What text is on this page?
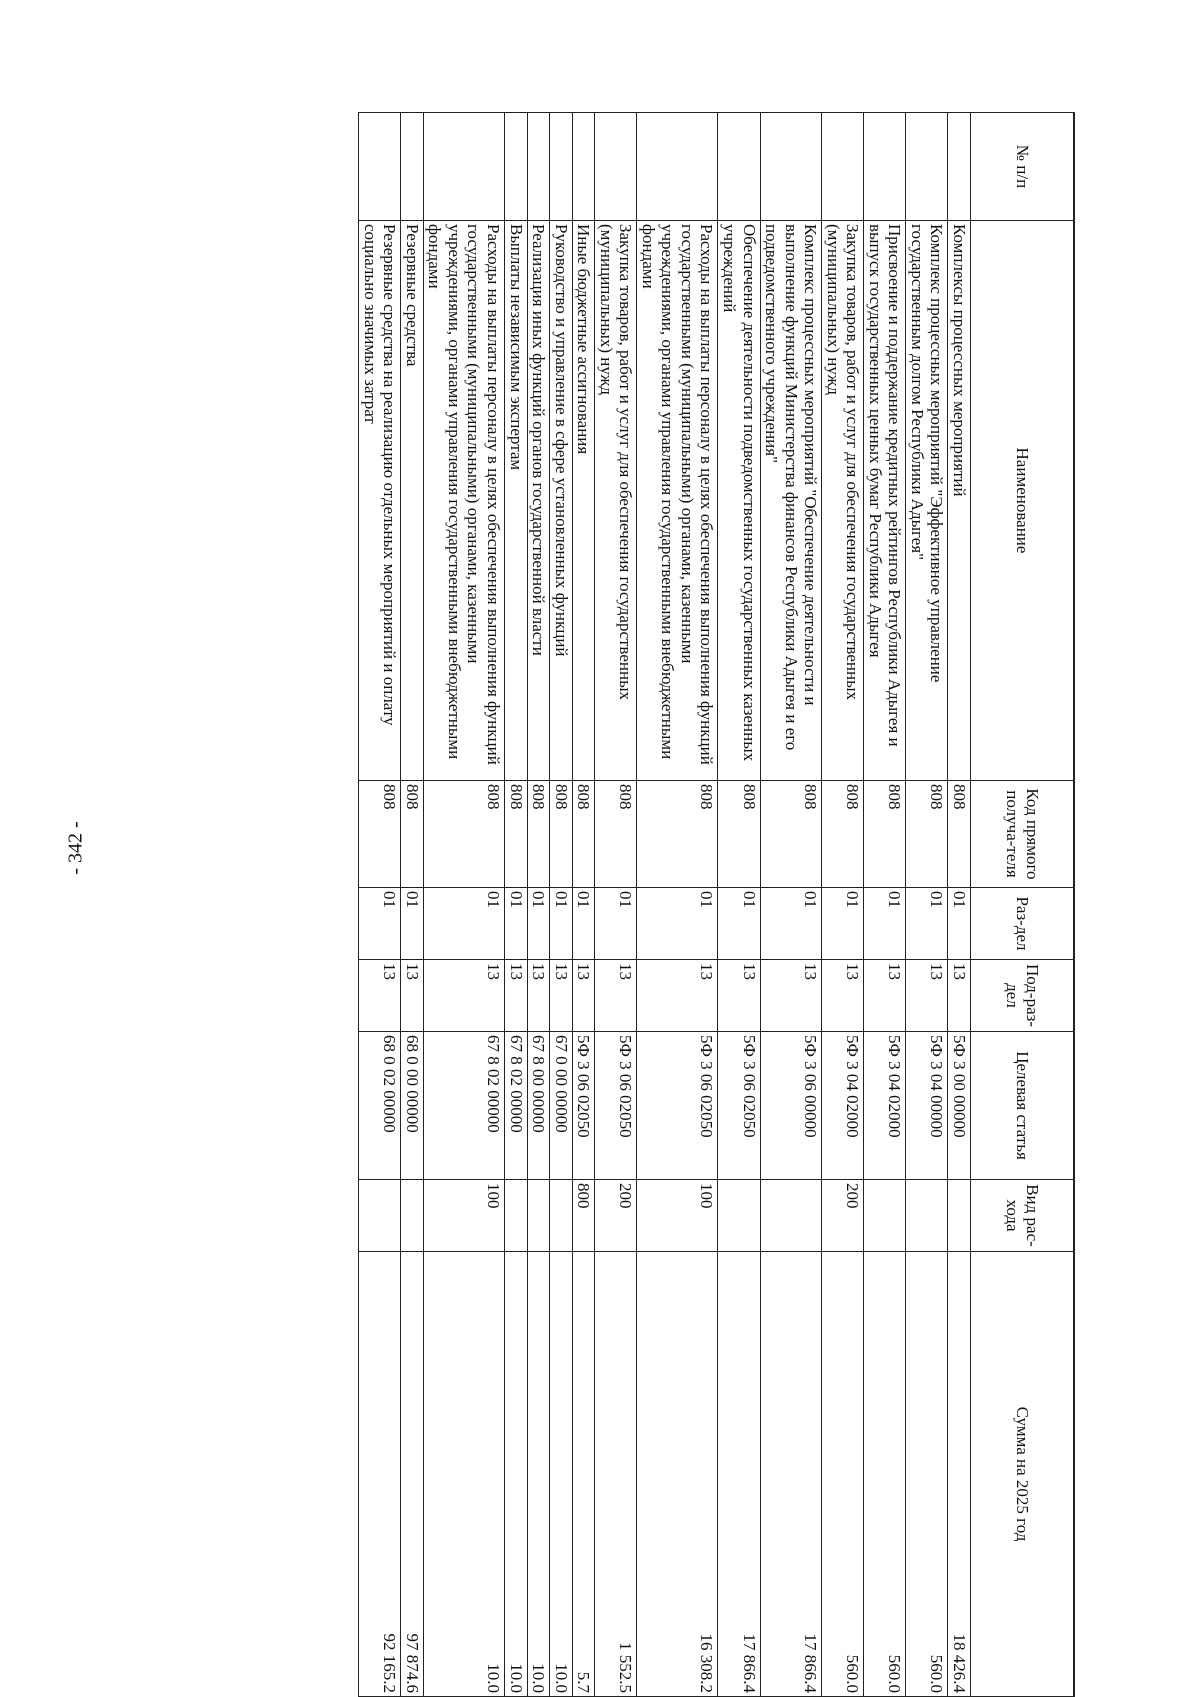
- 342 -
№ п/п	Наименование	Код прямого получа-теля	Раз-дел	Под-раз-дел	Целевая статья	Вид рас-хода	Сумма на 2025 год
	Комплексы процессных мероприятий	808	01	13	5Ф 3 00 00000		18 426.4
	Комплекс процессных мероприятий "Эффективное управление государственным долгом Республики Адыгея"	808	01	13	5Ф 3 04 00000		560.0
	Присвоение и поддержание кредитных рейтингов Республики Адыгея и выпуск государственных ценных бумаг Республики Адыгея	808	01	13	5Ф 3 04 02000		560.0
	Закупка товаров, работ и услуг для обеспечения государственных (муниципальных) нужд	808	01	13	5Ф 3 04 02000	200	560.0
	Комплекс процессных мероприятий "Обеспечение деятельности и выполнение функций Министерства финансов Республики Адыгея и его подведомственного учреждения"	808	01	13	5Ф 3 06 00000		17 866.4
	Обеспечение деятельности подведомственных государственных казенных учреждений	808	01	13	5Ф 3 06 02050		17 866.4
	Расходы на выплаты персоналу в целях обеспечения выполнения функций государственными (муниципальными) органами, казенными учреждениями, органами управления государственными внебюджетными фондами	808	01	13	5Ф 3 06 02050	100	16 308.2
	Закупка товаров, работ и услуг для обеспечения государственных (муниципальных) нужд	808	01	13	5Ф 3 06 02050	200	1 552.5
	Иные бюджетные ассигнования	808	01	13	5Ф 3 06 02050	800	5.7
	Руководство и управление в сфере установленных функций	808	01	13	67 0 00 00000		10.0
	Реализация иных функций органов государственной власти	808	01	13	67 8 00 00000		10.0
	Выплаты независимым экспертам	808	01	13	67 8 02 00000		10.0
	Расходы на выплаты персоналу в целях обеспечения выполнения функций государственными (муниципальными) органами, казенными учреждениями, органами управления государственными внебюджетными фондами	808	01	13	67 8 02 00000	100	10.0
	Резервные средства	808	01	13	68 0 00 00000		97 874.6
	Резервные средства на реализацию отдельных мероприятий и оплату социально значимых затрат	808	01	13	68 0 02 00000		92 165.2
